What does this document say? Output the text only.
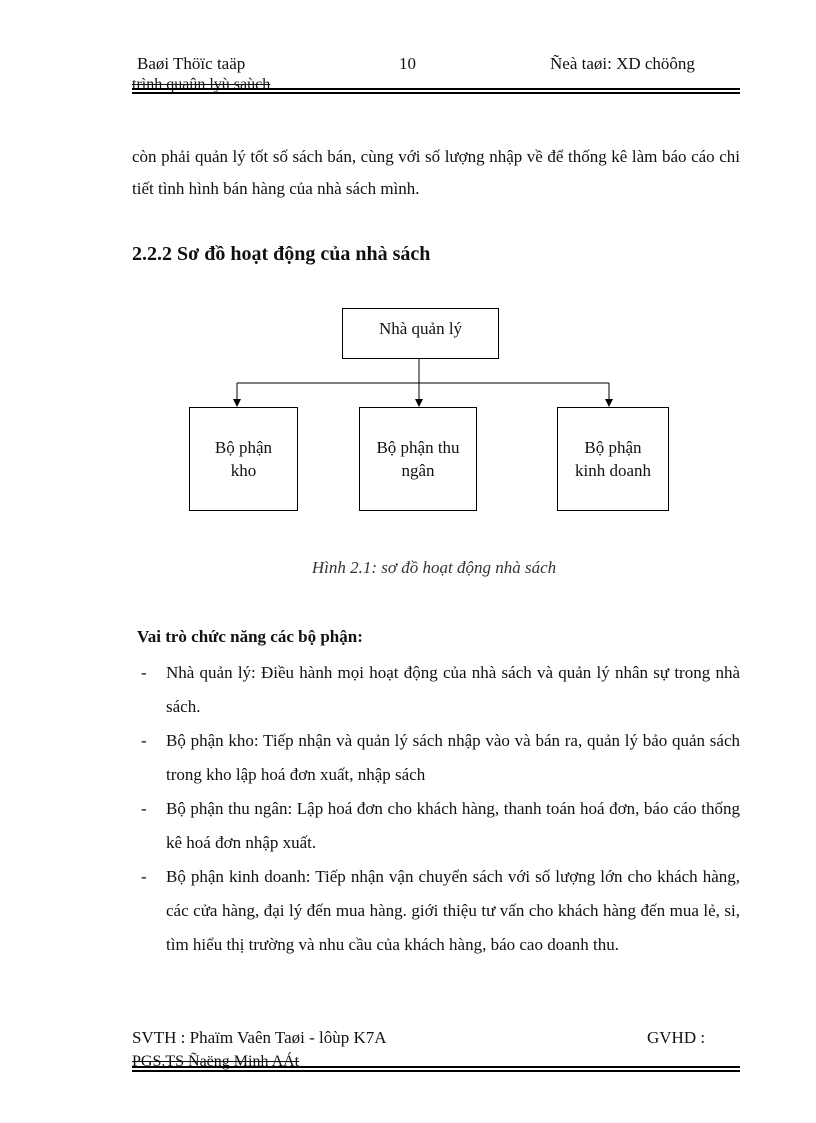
Baøi Thöïc taäp	10	Ñeà taøi: XD chöông
trình quaûn lyù saùch

còn phải quản lý tốt số sách bán, cùng với số lượng nhập về để thống kê làm báo cáo chi tiết tình hình bán hàng của nhà sách mình.

2.2.2 Sơ đồ hoạt động của nhà sách
Nhà quản lý
Bộ phận
kho
Bộ phận thu
ngân
Bộ phận
kinh doanh
Hình 2.1: sơ đồ hoạt động nhà sách
Vai trò chức năng các bộ phận:
- Nhà quản lý: Điều hành mọi hoạt động của nhà sách và quản lý nhân sự trong nhà sách.
- Bộ phận kho: Tiếp nhận và quản lý sách nhập vào và bán ra, quản lý bảo quản sách trong kho lập hoá đơn xuất, nhập sách
- Bộ phận thu ngân: Lập hoá đơn cho khách hàng, thanh toán hoá đơn, báo cáo thống kê hoá đơn nhập xuất.
- Bộ phận kinh doanh: Tiếp nhận vận chuyển sách với số lượng lớn cho khách hàng, các cửa hàng, đại lý đến mua hàng. giới thiệu tư vấn cho khách hàng đến mua lẻ, si, tìm hiểu thị trường và nhu cầu của khách hàng, báo cao doanh thu.
SVTH : Phaïm Vaên Taøi - lôùp K7A	GVHD :
PGS.TS Ñaëng Minh AÁt
